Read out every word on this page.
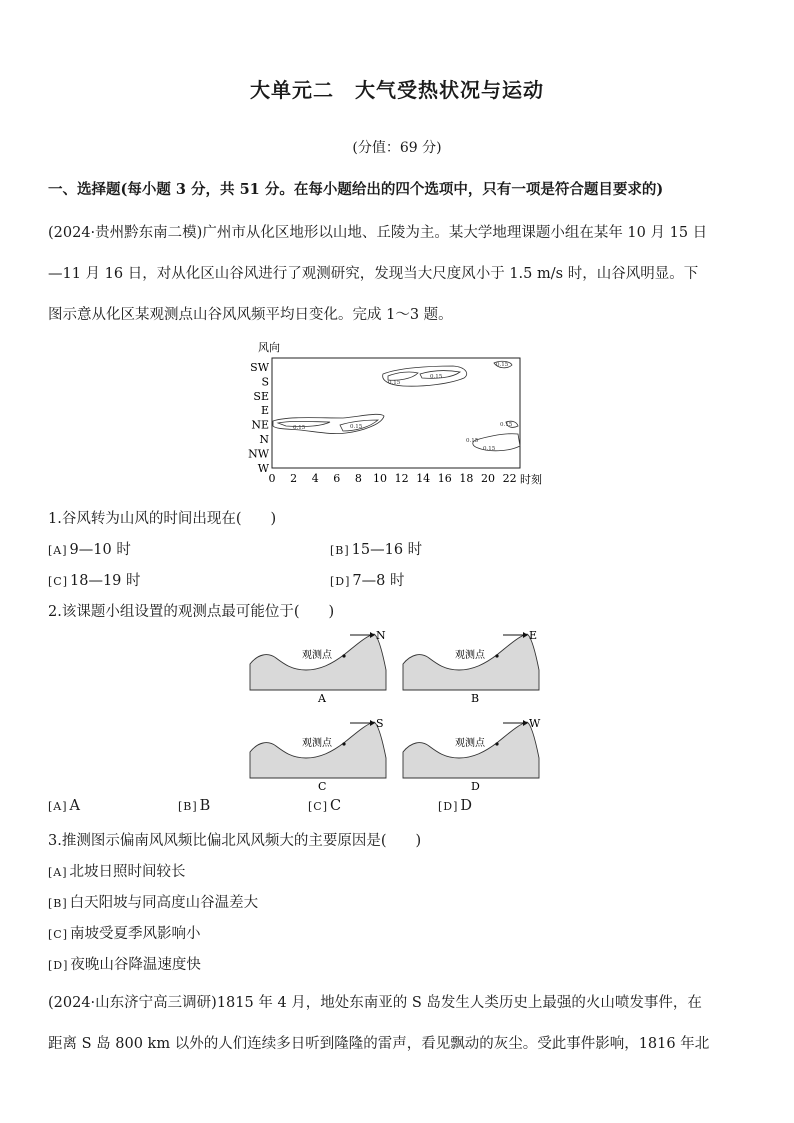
大单元二　大气受热状况与运动
(分值：69 分)
一、选择题(每小题 3 分，共 51 分。在每小题给出的四个选项中，只有一项是符合题目要求的)
(2024·贵州黔东南二模)广州市从化区地形以山地、丘陵为主。某大学地理课题小组在某年 10 月 15 日
—11 月 16 日，对从化区山谷风进行了观测研究，发现当大尺度风小于 1.5 m/s 时，山谷风明显。下
图示意从化区某观测点山谷风风频平均日变化。完成 1～3 题。
风向
SW
S
SE
E
NE
N
NW
W
0 2 4 6 8 10 12 14 16 18 20 22 时刻
0.15	0.15
0.15
0.15
0.15
0.15
0.15
0.15
1.谷风转为山风的时间出现在(　　)
[A] 9—10 时	[B] 15—16 时
[C] 18—19 时	[D] 7—8 时
2.该课题小组设置的观测点最可能位于(　　)
观测点
N
A
观测点
E
B
观测点
S
C
观测点
W
D
[A] A	[B] B	[C] C	[D] D
3.推测图示偏南风风频比偏北风风频大的主要原因是(　　)
[A] 北坡日照时间较长
[B] 白天阳坡与同高度山谷温差大
[C] 南坡受夏季风影响小
[D] 夜晚山谷降温速度快
(2024·山东济宁高三调研)1815 年 4 月，地处东南亚的 S 岛发生人类历史上最强的火山喷发事件，在
距离 S 岛 800 km 以外的人们连续多日听到隆隆的雷声，看见飘动的灰尘。受此事件影响，1816 年北
